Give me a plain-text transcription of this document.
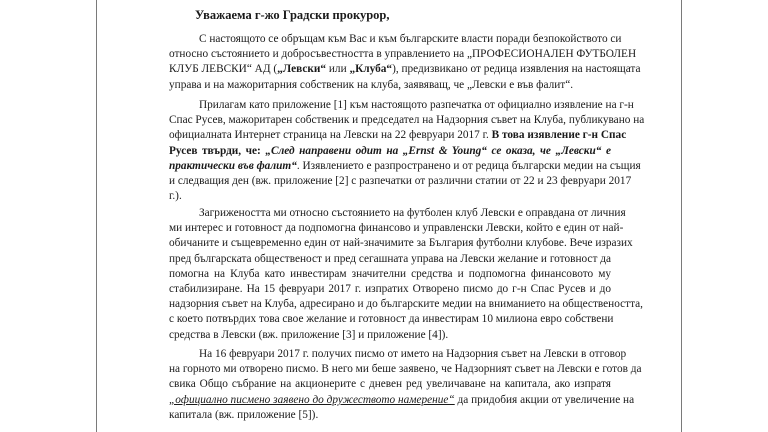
Уважаема г-жо Градски прокурор,
С настоящото се обръщам към Вас и към българските власти поради безпокойството си
относно състоянието и добросъвестността в управлението на „ПРОФЕСИОНАЛЕН ФУТБОЛЕН
КЛУБ ЛЕВСКИ“ АД („Левски“ или „Клуба“), предизвикано от редица изявления на настоящата
управа и на мажоритарния собственик на клуба, заявяващ, че „Левски е във фалит“.
Прилагам като приложение [1] към настоящото разпечатка от официално изявление на г-н
Спас Русев, мажоритарен собственик и председател на Надзорния съвет на Клуба, публикувано на
официалната Интернет страница на Левски на 22 февруари 2017 г. В това изявление г-н Спас
Русев твърди, че: „След направени одит на „Ernst & Young“ се оказа, че „Левски“ е
практически във фалит“. Изявлението е разпространено и от редица български медии на същия
и следващия ден (вж. приложение [2] с разпечатки от различни статии от 22 и 23 февруари 2017
г.).
Загрижеността ми относно състоянието на футболен клуб Левски е оправдана от личния
ми интерес и готовност да подпомогна финансово и управленски Левски, който е един от най-
обичаните и същевременно един от най-значимите за България футболни клубове. Вече изразих
пред българската общественост и пред сегашната управа на Левски желание и готовност да
помогна на Клуба като инвестирам значителни средства и подпомогна финансовото му
стабилизиране. На 15 февруари 2017 г. изпратих Отворено писмо до г-н Спас Русев и до
надзорния съвет на Клуба, адресирано и до българските медии на вниманието на обществеността,
с което потвърдих това свое желание и готовност да инвестирам 10 милиона евро собствени
средства в Левски (вж. приложение [3] и приложение [4]).
На 16 февруари 2017 г. получих писмо от името на Надзорния съвет на Левски в отговор
на горното ми отворено писмо. В него ми беше заявено, че Надзорният съвет на Левски е готов да
свика Общо събрание на акционерите с дневен ред увеличаване на капитала, ако изпратя
„официално писмено заявено до дружеството намерение“ да придобия акции от увеличение на
капитала (вж. приложение [5]).
